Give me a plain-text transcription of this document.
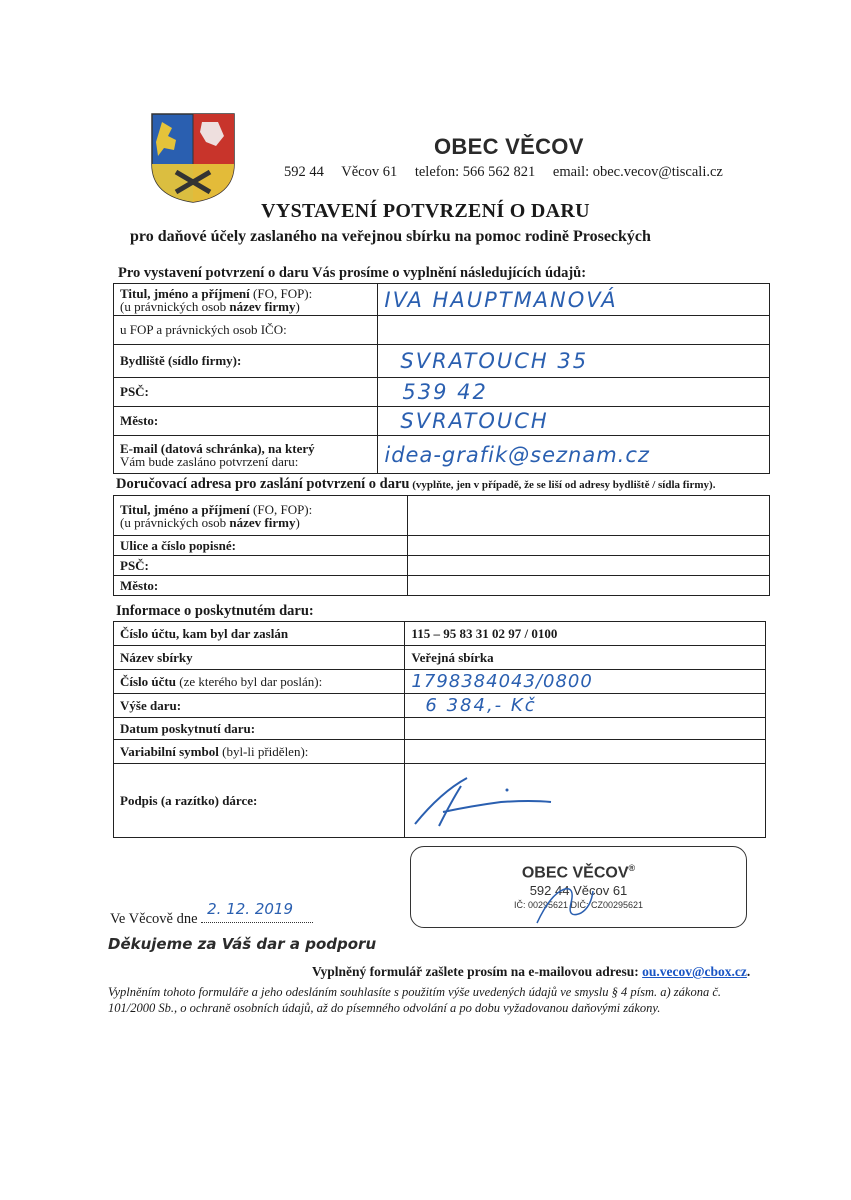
OBEC VĚCOV
592 44 Věcov 61 telefon: 566 562 821 email: obec.vecov@tiscali.cz
VYSTAVENÍ POTVRZENÍ O DARU
pro daňové účely zaslaného na veřejnou sbírku na pomoc rodině Proseckých
Pro vystavení potvrzení o daru Vás prosíme o vyplnění následujících údajů:
Titul, jméno a příjmení (FO, FOP):
(u právnických osob název firmy)	IVA HAUPTMANOVÁ
u FOP a právnických osob IČO:	
Bydliště (sídlo firmy):	SVRATOUCH 35
PSČ:	539 42
Město:	SVRATOUCH
E-mail (datová schránka), na který
Vám bude zasláno potvrzení daru:	idea-grafik@seznam.cz
Doručovací adresa pro zaslání potvrzení o daru (vyplňte, jen v případě, že se liší od adresy bydliště / sídla firmy).
Titul, jméno a příjmení (FO, FOP):
(u právnických osob název firmy)	
Ulice a číslo popisné:	
PSČ:	
Město:	
Informace o poskytnutém daru:
Číslo účtu, kam byl dar zaslán	115 – 95 83 31 02 97 / 0100
Název sbírky	Veřejná sbírka
Číslo účtu (ze kterého byl dar poslán):	1798384043/0800
Výše daru:	6 384,- Kč
Datum poskytnutí daru:	
Variabilní symbol (byl-li přidělen):	
Podpis (a razítko) dárce:	
OBEC VĚCOV®
592 44 Věcov 61
IČ: 00295621 DIČ: CZ00295621
Ve Věcově dne
2. 12. 2019
Děkujeme za Váš dar a podporu
Vyplněný formulář zašlete prosím na e-mailovou adresu: ou.vecov@cbox.cz.
Vyplněním tohoto formuláře a jeho odesláním souhlasíte s použitím výše uvedených údajů ve smyslu § 4 písm. a) zákona č. 101/2000 Sb., o ochraně osobních údajů, až do písemného odvolání a po dobu vyžadovanou daňovými zákony.
